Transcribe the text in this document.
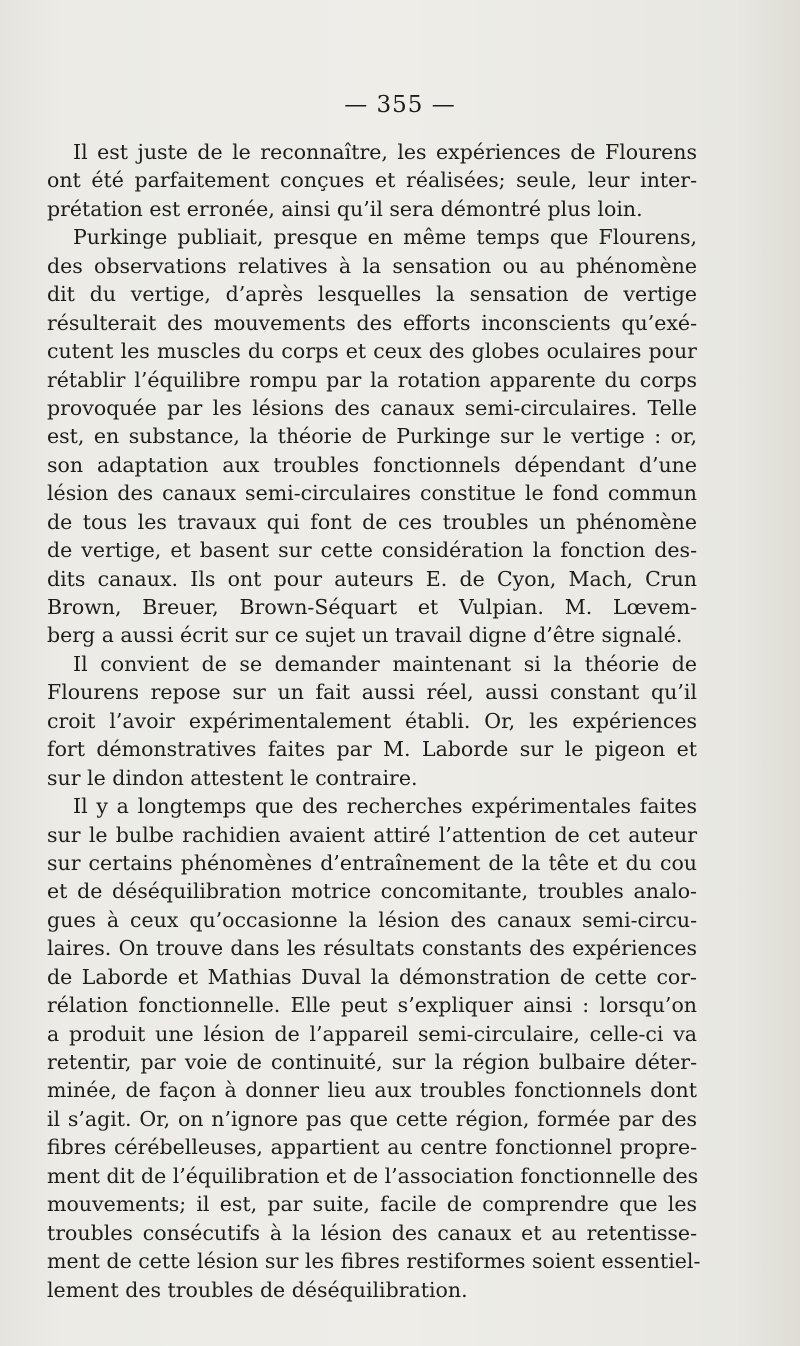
— 355 —
Il est juste de le reconnaître, les expériences de Flourens
ont été parfaitement conçues et réalisées; seule, leur inter-
prétation est erronée, ainsi qu’il sera démontré plus loin.
Purkinge publiait, presque en même temps que Flourens,
des observations relatives à la sensation ou au phénomène
dit du vertige, d’après lesquelles la sensation de vertige
résulterait des mouvements des efforts inconscients qu’exé-
cutent les muscles du corps et ceux des globes oculaires pour
rétablir l’équilibre rompu par la rotation apparente du corps
provoquée par les lésions des canaux semi-circulaires. Telle
est, en substance, la théorie de Purkinge sur le vertige : or,
son adaptation aux troubles fonctionnels dépendant d’une
lésion des canaux semi-circulaires constitue le fond commun
de tous les travaux qui font de ces troubles un phénomène
de vertige, et basent sur cette considération la fonction des-
dits canaux. Ils ont pour auteurs E. de Cyon, Mach, Crun
Brown, Breuer, Brown-Séquart et Vulpian. M. Lœvem-
berg a aussi écrit sur ce sujet un travail digne d’être signalé.
Il convient de se demander maintenant si la théorie de
Flourens repose sur un fait aussi réel, aussi constant qu’il
croit l’avoir expérimentalement établi. Or, les expériences
fort démonstratives faites par M. Laborde sur le pigeon et
sur le dindon attestent le contraire.
Il y a longtemps que des recherches expérimentales faites
sur le bulbe rachidien avaient attiré l’attention de cet auteur
sur certains phénomènes d’entraînement de la tête et du cou
et de déséquilibration motrice concomitante, troubles analo-
gues à ceux qu’occasionne la lésion des canaux semi-circu-
laires. On trouve dans les résultats constants des expériences
de Laborde et Mathias Duval la démonstration de cette cor-
rélation fonctionnelle. Elle peut s’expliquer ainsi : lorsqu’on
a produit une lésion de l’appareil semi-circulaire, celle-ci va
retentir, par voie de continuité, sur la région bulbaire déter-
minée, de façon à donner lieu aux troubles fonctionnels dont
il s’agit. Or, on n’ignore pas que cette région, formée par des
fibres cérébelleuses, appartient au centre fonctionnel propre-
ment dit de l’équilibration et de l’association fonctionnelle des
mouvements; il est, par suite, facile de comprendre que les
troubles consécutifs à la lésion des canaux et au retentisse-
ment de cette lésion sur les fibres restiformes soient essentiel-
lement des troubles de déséquilibration.
